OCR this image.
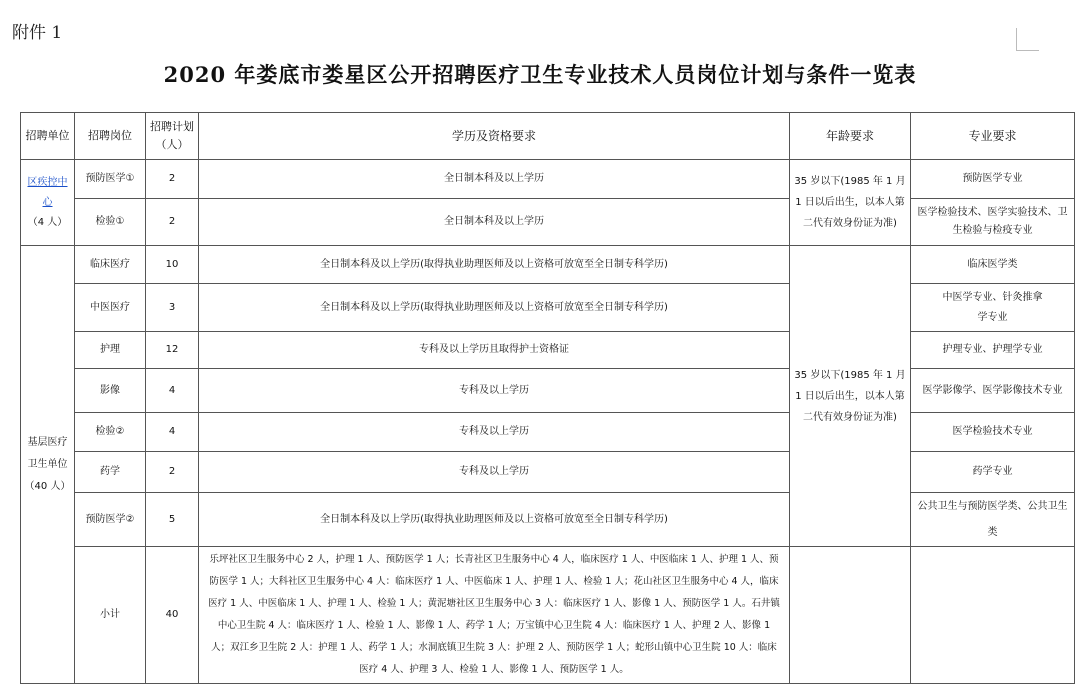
附件 1
2020 年娄底市娄星区公开招聘医疗卫生专业技术人员岗位计划与条件一览表
招聘单位	招聘岗位	招聘计划（人）	学历及资格要求	年龄要求	专业要求
区疾控中心（4 人）	预防医学①	2	全日制本科及以上学历	35 岁以下(1985 年 1 月 1 日以后出生，以本人第二代有效身份证为准)	预防医学专业
	检验①	2	全日制本科及以上学历		医学检验技术、医学实验技术、卫生检验与检疫专业
基层医疗卫生单位（40 人）	临床医疗	10	全日制本科及以上学历(取得执业助理医师及以上资格可放宽至全日制专科学历)	35 岁以下(1985 年 1 月 1 日以后出生，以本人第二代有效身份证为准)	临床医学类
	中医医疗	3	全日制本科及以上学历(取得执业助理医师及以上资格可放宽至全日制专科学历)		中医学专业、针灸推拿学专业
	护理	12	专科及以上学历且取得护士资格证		护理专业、护理学专业
	影像	4	专科及以上学历		医学影像学、医学影像技术专业
	检验②	4	专科及以上学历		医学检验技术专业
	药学	2	专科及以上学历		药学专业
	预防医学②	5	全日制本科及以上学历(取得执业助理医师及以上资格可放宽至全日制专科学历)		公共卫生与预防医学类、公共卫生类
	小计	40	乐坪社区卫生服务中心 2 人，护理 1 人、预防医学 1 人；长青社区卫生服务中心 4 人，临床医疗 1 人、中医临床 1 人、护理 1 人、预防医学 1 人；大科社区卫生服务中心 4 人：临床医疗 1 人、中医临床 1 人、护理 1 人、检验 1 人；花山社区卫生服务中心 4 人，临床医疗 1 人、中医临床 1 人、护理 1 人、检验 1 人；黄泥塘社区卫生服务中心 3 人：临床医疗 1 人、影像 1 人、预防医学 1 人。石井镇中心卫生院 4 人：临床医疗 1 人、检验 1 人、影像 1 人、药学 1 人；万宝镇中心卫生院 4 人：临床医疗 1 人、护理 2 人、影像 1 人；双江乡卫生院 2 人：护理 1 人、药学 1 人；水洞底镇卫生院 3 人：护理 2 人、预防医学 1 人；蛇形山镇中心卫生院 10 人：临床医疗 4 人、护理 3 人、检验 1 人、影像 1 人、预防医学 1 人。		
